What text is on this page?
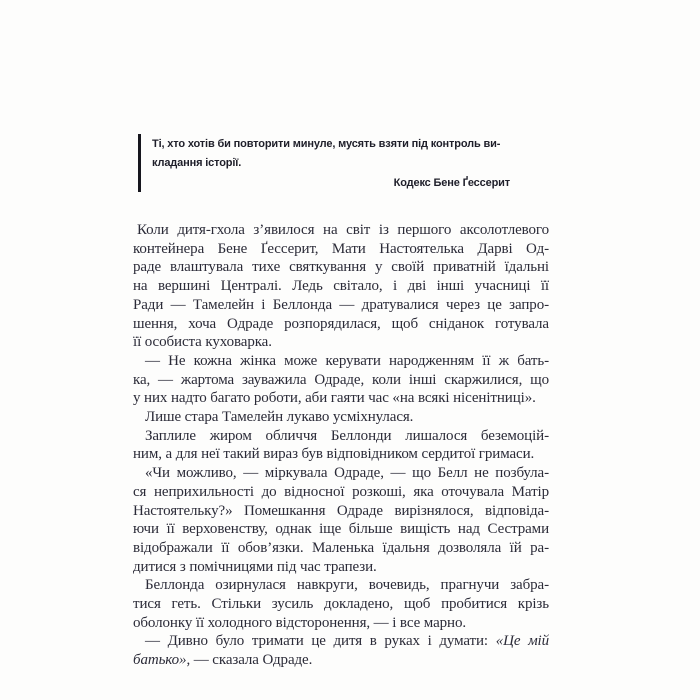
Ті, хто хотів би повторити минуле, мусять взяти під контроль ви-
кладання історії.
Кодекс Бене Ґессерит
Коли дитя-гхола з’явилося на світ із першого аксолотлевого
контейнера Бене Ґессерит, Мати Настоятелька Дарві Од-
раде влаштувала тихе святкування у своїй приватній їдальні
на вершині Централі. Ледь світало, і дві інші учасниці її
Ради — Тамелейн і Беллонда — дратувалися через це запро-
шення, хоча Одраде розпорядилася, щоб сніданок готувала
її особиста куховарка.
— Не кожна жінка може керувати народженням її ж бать-
ка, — жартома зауважила Одраде, коли інші скаржилися, що
у них надто багато роботи, аби гаяти час «на всякі нісенітниці».
Лише стара Тамелейн лукаво усміхнулася.
Заплиле жиром обличчя Беллонди лишалося беземоцій-
ним, а для неї такий вираз був відповідником сердитої гримаси.
«Чи можливо, — міркувала Одраде, — що Белл не позбула-
ся неприхильності до відносної розкоші, яка оточувала Матір
Настоятельку?» Помешкання Одраде вирізнялося, відповіда-
ючи її верховенству, однак іще більше вищість над Сестрами
відображали її обов’язки. Маленька їдальня дозволяла їй ра-
дитися з помічницями під час трапези.
Беллонда озирнулася навкруги, вочевидь, прагнучи забра-
тися геть. Стільки зусиль докладено, щоб пробитися крізь
оболонку її холодного відсторонення, — і все марно.
— Дивно було тримати це дитя в руках і думати: «Це мій
батько», — сказала Одраде.
